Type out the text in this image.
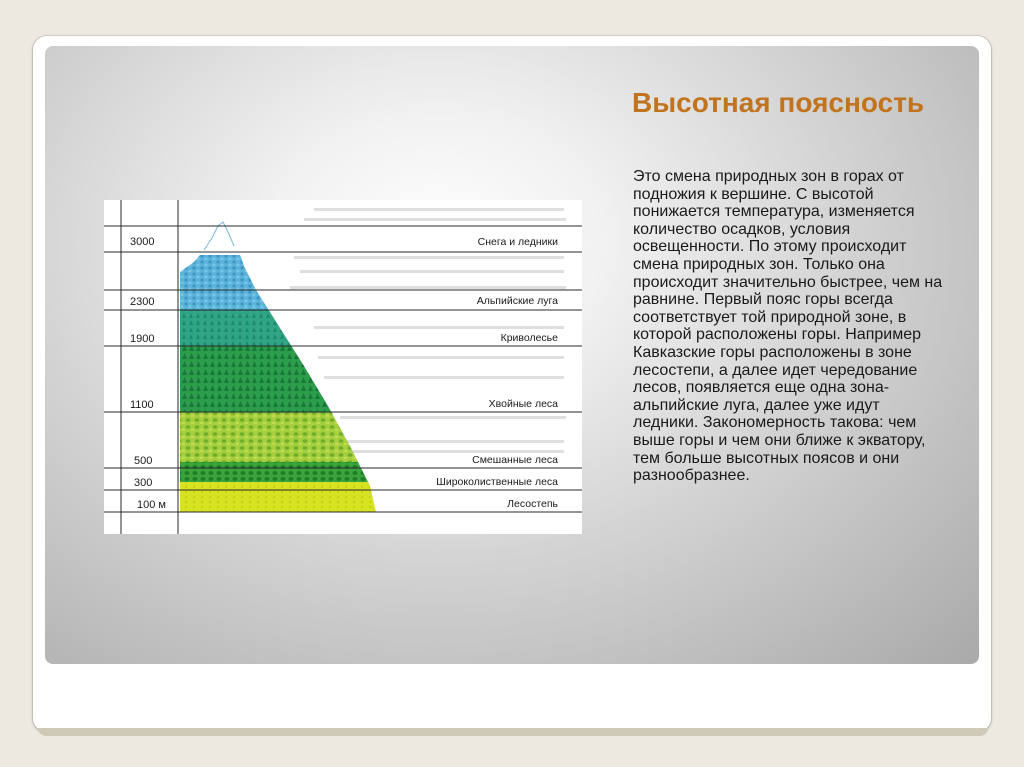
Высотная поясность

Это смена природных зон в горах от подножия к вершине. С высотой понижается температура, изменяется количество осадков, условия освещенности. По этому происходит смена природных зон. Только она происходит значительно быстрее, чем на равнине. Первый пояс горы всегда соответствует той природной зоне, в которой расположены горы. Например Кавказские горы расположены в зоне лесостепи, а далее идет чередование лесов, появляется еще одна зона- альпийские луга, далее уже идут ледники. Закономерность такова: чем выше горы и чем они ближе к экватору, тем больше высотных поясов и они разнообразнее.

3000
2300
1900
1100
500
300
100 м
Снега и ледники
Альпийские луга
Криволесье
Хвойные леса
Смешанные леса
Широколиственные леса
Лесостепь
